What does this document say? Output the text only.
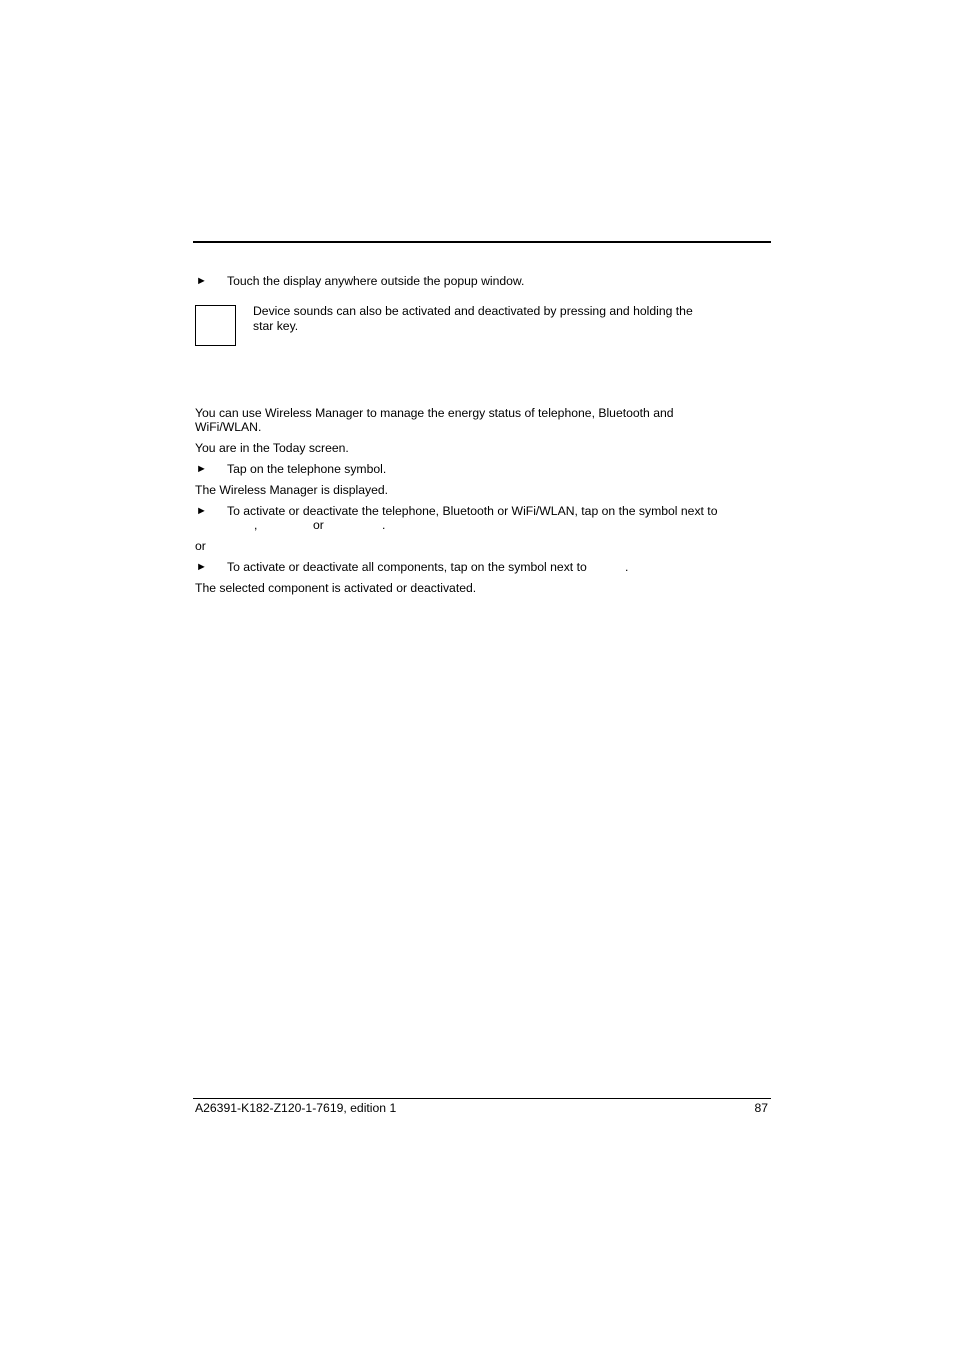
► Touch the display anywhere outside the popup window.
Device sounds can also be activated and deactivated by pressing and holding the
star key.
You can use Wireless Manager to manage the energy status of telephone, Bluetooth and
WiFi/WLAN.
You are in the Today screen.
► Tap on the telephone symbol.
The Wireless Manager is displayed.
► To activate or deactivate the telephone, Bluetooth or WiFi/WLAN, tap on the symbol next to
,	or	.
or
► To activate or deactivate all components, tap on the symbol next to	.
The selected component is activated or deactivated.
A26391-K182-Z120-1-7619, edition 1	87
